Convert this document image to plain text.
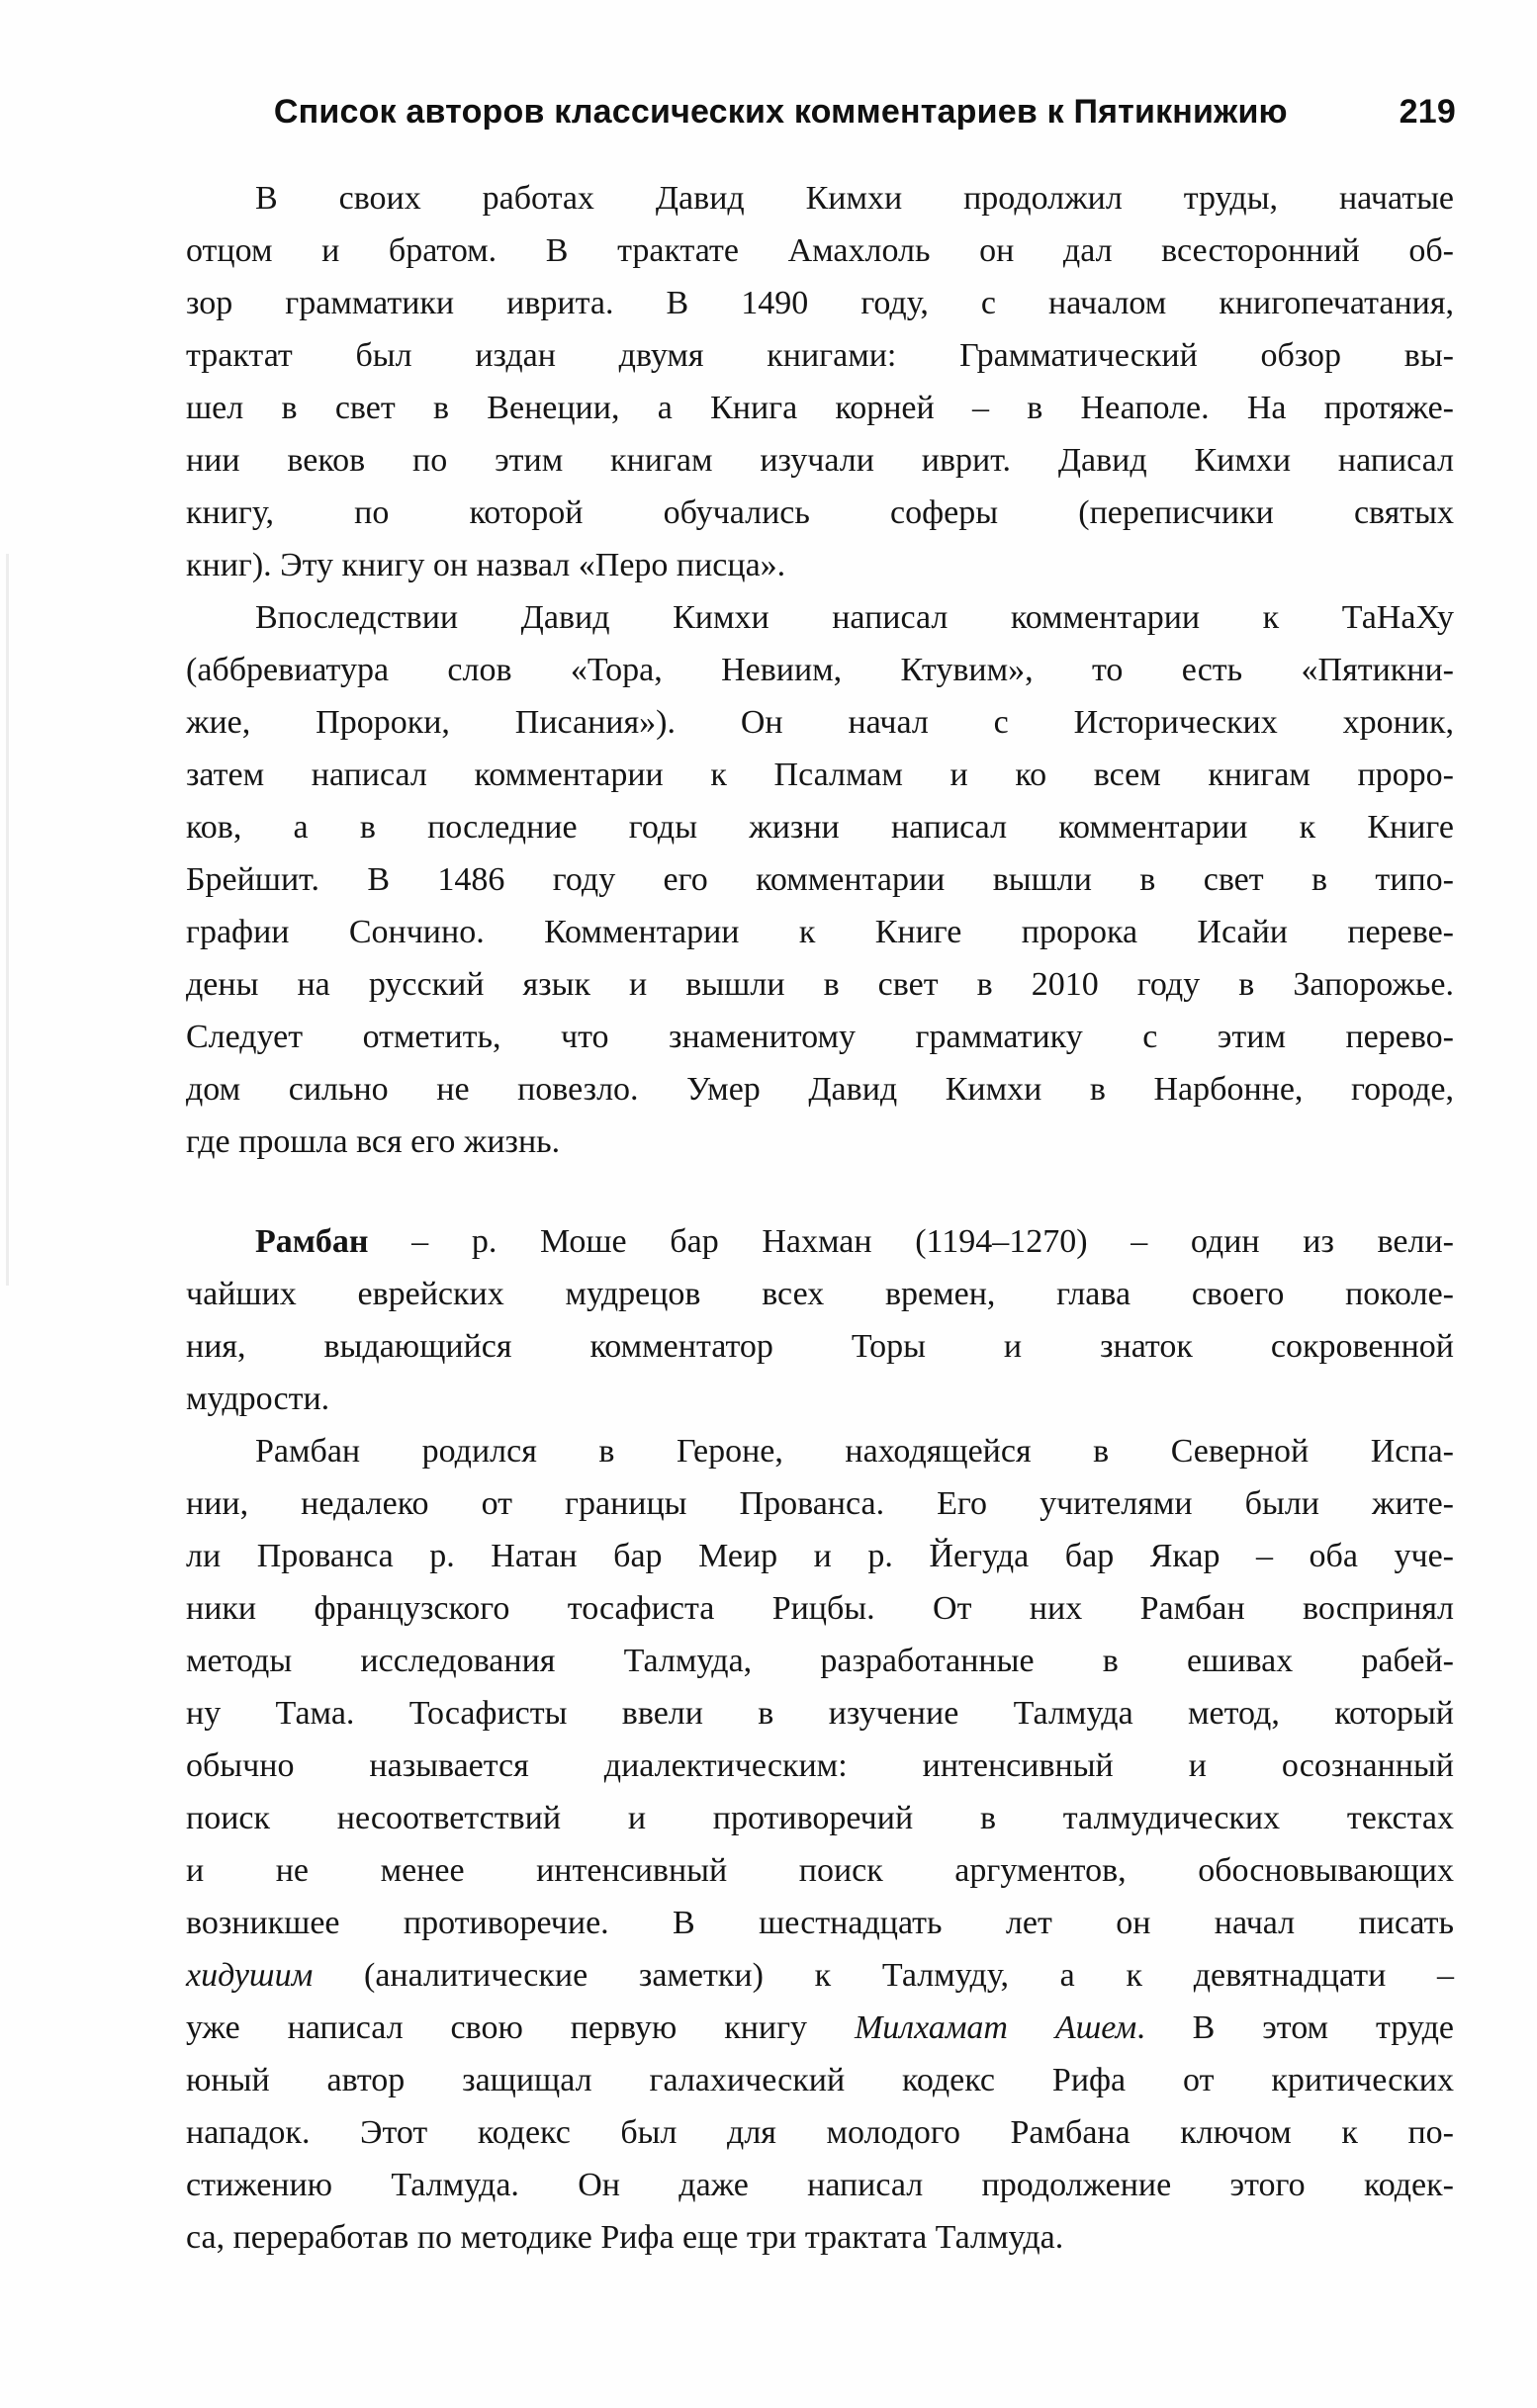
Список авторов классических комментариев к Пятикнижию	219
В своих работах Давид Кимхи продолжил труды, начатые
отцом и братом. В трактате Амахлоль он дал всесторонний об-
зор грамматики иврита. В 1490 году, с началом книгопечатания,
трактат был издан двумя книгами: Грамматический обзор вы-
шел в свет в Венеции, а Книга корней – в Неаполе. На протяже-
нии веков по этим книгам изучали иврит. Давид Кимхи написал
книгу, по которой обучались соферы (переписчики святых
книг). Эту книгу он назвал «Перо писца».
Впоследствии Давид Кимхи написал комментарии к ТаНаХу
(аббревиатура слов «Тора, Невиим, Ктувим», то есть «Пятикни-
жие, Пророки, Писания»). Он начал с Исторических хроник,
затем написал комментарии к Псалмам и ко всем книгам проро-
ков, а в последние годы жизни написал комментарии к Книге
Брейшит. В 1486 году его комментарии вышли в свет в типо-
графии Сончино. Комментарии к Книге пророка Исайи переве-
дены на русский язык и вышли в свет в 2010 году в Запорожье.
Следует отметить, что знаменитому грамматику с этим перево-
дом сильно не повезло. Умер Давид Кимхи в Нарбонне, городе,
где прошла вся его жизнь.
Рамбан – р. Моше бар Нахман (1194–1270) – один из вели-
чайших еврейских мудрецов всех времен, глава своего поколе-
ния, выдающийся комментатор Торы и знаток сокровенной
мудрости.
Рамбан родился в Героне, находящейся в Северной Испа-
нии, недалеко от границы Прованса. Его учителями были жите-
ли Прованса р. Натан бар Меир и р. Йегуда бар Якар – оба уче-
ники французского тосафиста Рицбы. От них Рамбан воспринял
методы исследования Талмуда, разработанные в ешивах рабей-
ну Тама. Тосафисты ввели в изучение Талмуда метод, который
обычно называется диалектическим: интенсивный и осознанный
поиск несоответствий и противоречий в талмудических текстах
и не менее интенсивный поиск аргументов, обосновывающих
возникшее противоречие. В шестнадцать лет он начал писать
хидушим (аналитические заметки) к Талмуду, а к девятнадцати –
уже написал свою первую книгу Милхамат Ашем. В этом труде
юный автор защищал галахический кодекс Рифа от критических
нападок. Этот кодекс был для молодого Рамбана ключом к по-
стижению Талмуда. Он даже написал продолжение этого кодек-
са, переработав по методике Рифа еще три трактата Талмуда.
